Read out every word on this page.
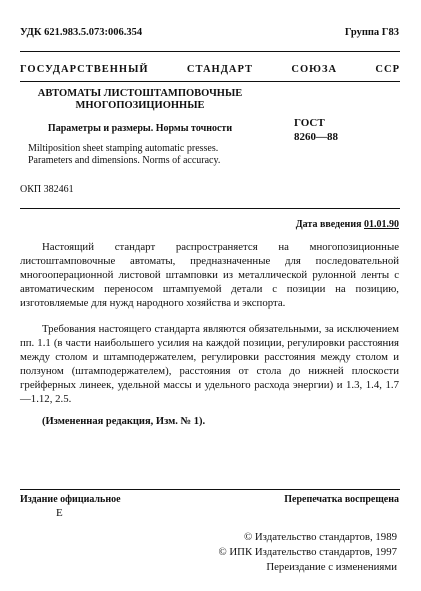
УДК 621.983.5.073:006.354	Группа Г83
ГОСУДАРСТВЕННЫЙ СТАНДАРТ СОЮЗА ССР
АВТОМАТЫ ЛИСТОШТАМПОВОЧНЫЕ МНОГОПОЗИЦИОННЫЕ
Параметры и размеры. Нормы точности
Miltiposition sheet stamping automatic presses. Parameters and dimensions. Norms of accuracy.
ГОСТ
8260—88
ОКП 382461
Дата введения 01.01.90
Настоящий стандарт распространяется на многопозиционные листоштамповочные автоматы, предназначенные для последовательной многооперационной листовой штамповки из металлической рулонной ленты с автоматическим переносом штампуемой детали с позиции на позицию, изготовляемые для нужд народного хозяйства и экспорта.
Требования настоящего стандарта являются обязательными, за исключением пп. 1.1 (в части наибольшего усилия на каждой позиции, регулировки расстояния между столом и штамподержателем, регулировки расстояния между столом и ползуном (штамподержателем), расстояния от стола до нижней плоскости грейферных линеек, удельной массы и удельного расхода энергии) и 1.3, 1.4, 1.7—1.12, 2.5.
(Измененная редакция, Изм. № 1).
Издание официальное	Перепечатка воспрещена
E
© Издательство стандартов, 1989
© ИПК Издательство стандартов, 1997
Переиздание с изменениями
